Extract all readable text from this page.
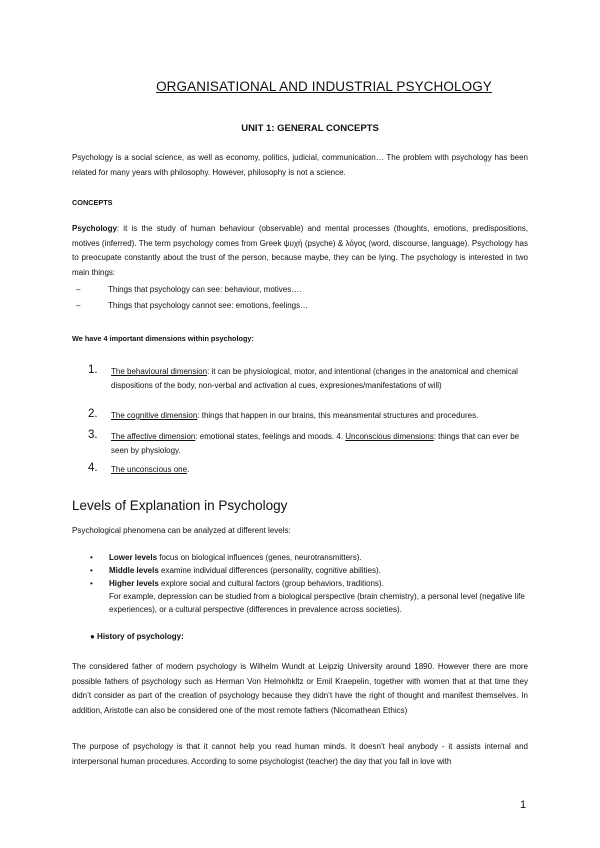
ORGANISATIONAL AND INDUSTRIAL PSYCHOLOGY
UNIT 1: GENERAL CONCEPTS
Psychology is a social science, as well as economy, politics, judicial, communication… The problem with psychology has been related for many years with philosophy. However, philosophy is not a science.
CONCEPTS
Psychology: it is the study of human behaviour (observable) and mental processes (thoughts, emotions, predispositions, motives (inferred). The term psychology comes from Greek ψυχή (psyche) & λόγος (word, discourse, language). Psychology has to preocupate constantly about the trust of the person, because maybe, they can be lying. The psychology is interested in two main things:
–	Things that psychology can see: behaviour, motives….
–	Things that psychology cannot see: emotions, feelings…
We have 4 important dimensions within psychology:
1. The behavioural dimension: it can be physiological, motor, and intentional (changes in the anatomical and chemical dispositions of the body, non-verbal and activation al cues, expresiones/manifestations of will)
2. The cognitive dimension: things that happen in our brains, this meansmental structures and procedures.
3. The affective dimension: emotional states, feelings and moods. 4. Unconscious dimensions: things that can ever be seen by physiology.
4. The unconscious one.
Levels of Explanation in Psychology
Psychological phenomena can be analyzed at different levels:
• Lower levels focus on biological influences (genes, neurotransmitters).
• Middle levels examine individual differences (personality, cognitive abilities).
• Higher levels explore social and cultural factors (group behaviors, traditions).
For example, depression can be studied from a biological perspective (brain chemistry), a personal level (negative life experiences), or a cultural perspective (differences in prevalence across societies).
● History of psychology:
The considered father of modern psychology is Wilhelm Wundt at Leipzig University around 1890. However there are more possible fathers of psychology such as Herman Von Helmohkltz or Emil Kraepelin, together with women that at that time they didn’t consider as part of the creation of psychology because they didn’t have the right of thought and manifest themselves. In addition, Aristotle can also be considered one of the most remote fathers (Nicomathean Ethics)
The purpose of psychology is that it cannot help you read human minds. It doesn’t heal anybody - it assists internal and interpersonal human procedures. According to some psychologist (teacher) the day that you fall in love with
1
